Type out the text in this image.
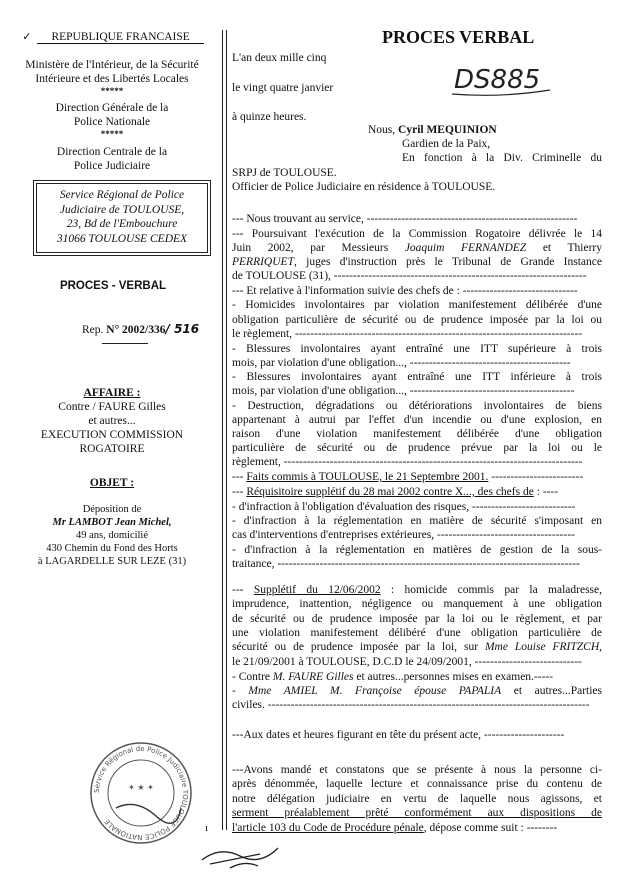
✓ REPUBLIQUE FRANCAISE
Ministère de l'Intérieur, de la Sécurité
Intérieure et des Libertés Locales
*****
Direction Générale de la
Police Nationale
*****
Direction Centrale de la
Police Judiciaire
Service Régional de Police
Judiciaire de TOULOUSE,
23, Bd de l'Embouchure
31066 TOULOUSE CEDEX
PROCES - VERBAL
Rep. N° 2002/336/ 516
AFFAIRE :
Contre / FAURE Gilles
et autres...
EXECUTION COMMISSION
ROGATOIRE
OBJET :
Déposition de
Mr LAMBOT Jean Michel,
49 ans, domicilié
430 Chemin du Fond des Horts
à LAGARDELLE SUR LEZE (31)
Service Régional de Police Judiciaire TOULOUSE POLICE NATIONALE
✦ ★ ✦
ı
PROCES VERBAL
DS885
L'an deux mille cinq
le vingt quatre janvier
à quinze heures.
Nous, Cyril MEQUINION
Gardien de la Paix,
En fonction à la Div. Criminelle du
SRPJ de TOULOUSE.
Officier de Police Judiciaire en résidence à TOULOUSE.
--- Nous trouvant au service, -------------------------------------------------------
--- Poursuivant l'exécution de la Commission Rogatoire délivrée le 14
Juin 2002, par Messieurs Joaquim FERNANDEZ et Thierry
PERRIQUET, juges d'instruction près le Tribunal de Grande Instance
de TOULOUSE (31), ------------------------------------------------------------------
--- Et relative à l'information suivie des chefs de : ------------------------------
- Homicides involontaires par violation manifestement délibérée d'une
obligation particulière de sécurité ou de prudence imposée par la loi ou
le règlement, ---------------------------------------------------------------------------
- Blessures involontaires ayant entraîné une ITT supérieure à trois
mois, par violation d'une obligation..., ------------------------------------------
- Blessures involontaires ayant entraîné une ITT inférieure à trois
mois, par violation d'une obligation..., -------------------------------------------
- Destruction, dégradations ou détériorations involontaires de biens
appartenant à autrui par l'effet d'un incendie ou d'une explosion, en
raison d'une violation manifestement délibérée d'une obligation
particulière de sécurité ou de prudence prévue par la loi ou le
règlement, ------------------------------------------------------------------------------
--- Faits commis à TOULOUSE, le 21 Septembre 2001. ------------------------
--- Réquisitoire supplétif du 28 mai 2002 contre X..., des chefs de : ----
- d'infraction à l'obligation d'évaluation des risques, ---------------------------
- d'infraction à la réglementation en matière de sécurité s'imposant en
cas d'interventions d'entreprises extérieures, ------------------------------------
- d'infraction à la réglementation en matières de gestion de la sous-
traitance, -------------------------------------------------------------------------------
--- Supplétif du 12/06/2002 : homicide commis par la maladresse,
imprudence, inattention, négligence ou manquement à une obligation
de sécurité ou de prudence imposée par la loi ou le règlement, et par
une violation manifestement délibéré d'une obligation particulière de
sécurité ou de prudence imposée par la loi, sur Mme Louise FRITZCH,
le 21/09/2001 à TOULOUSE, D.C.D le 24/09/2001, ----------------------------
- Contre M. FAURE Gilles et autres...personnes mises en examen.-----
- Mme AMIEL M. Françoise épouse PAPALIA et autres...Parties
civiles. ------------------------------------------------------------------------------------
---Aux dates et heures figurant en tête du présent acte, ---------------------
---Avons mandé et constatons que se présente à nous la personne ci-
après dénommée, laquelle lecture et connaissance prise du contenu de
notre délégation judiciaire en vertu de laquelle nous agissons, et
serment préalablement prêté conformément aux dispositions de
l'article 103 du Code de Procédure pénale, dépose comme suit : --------
